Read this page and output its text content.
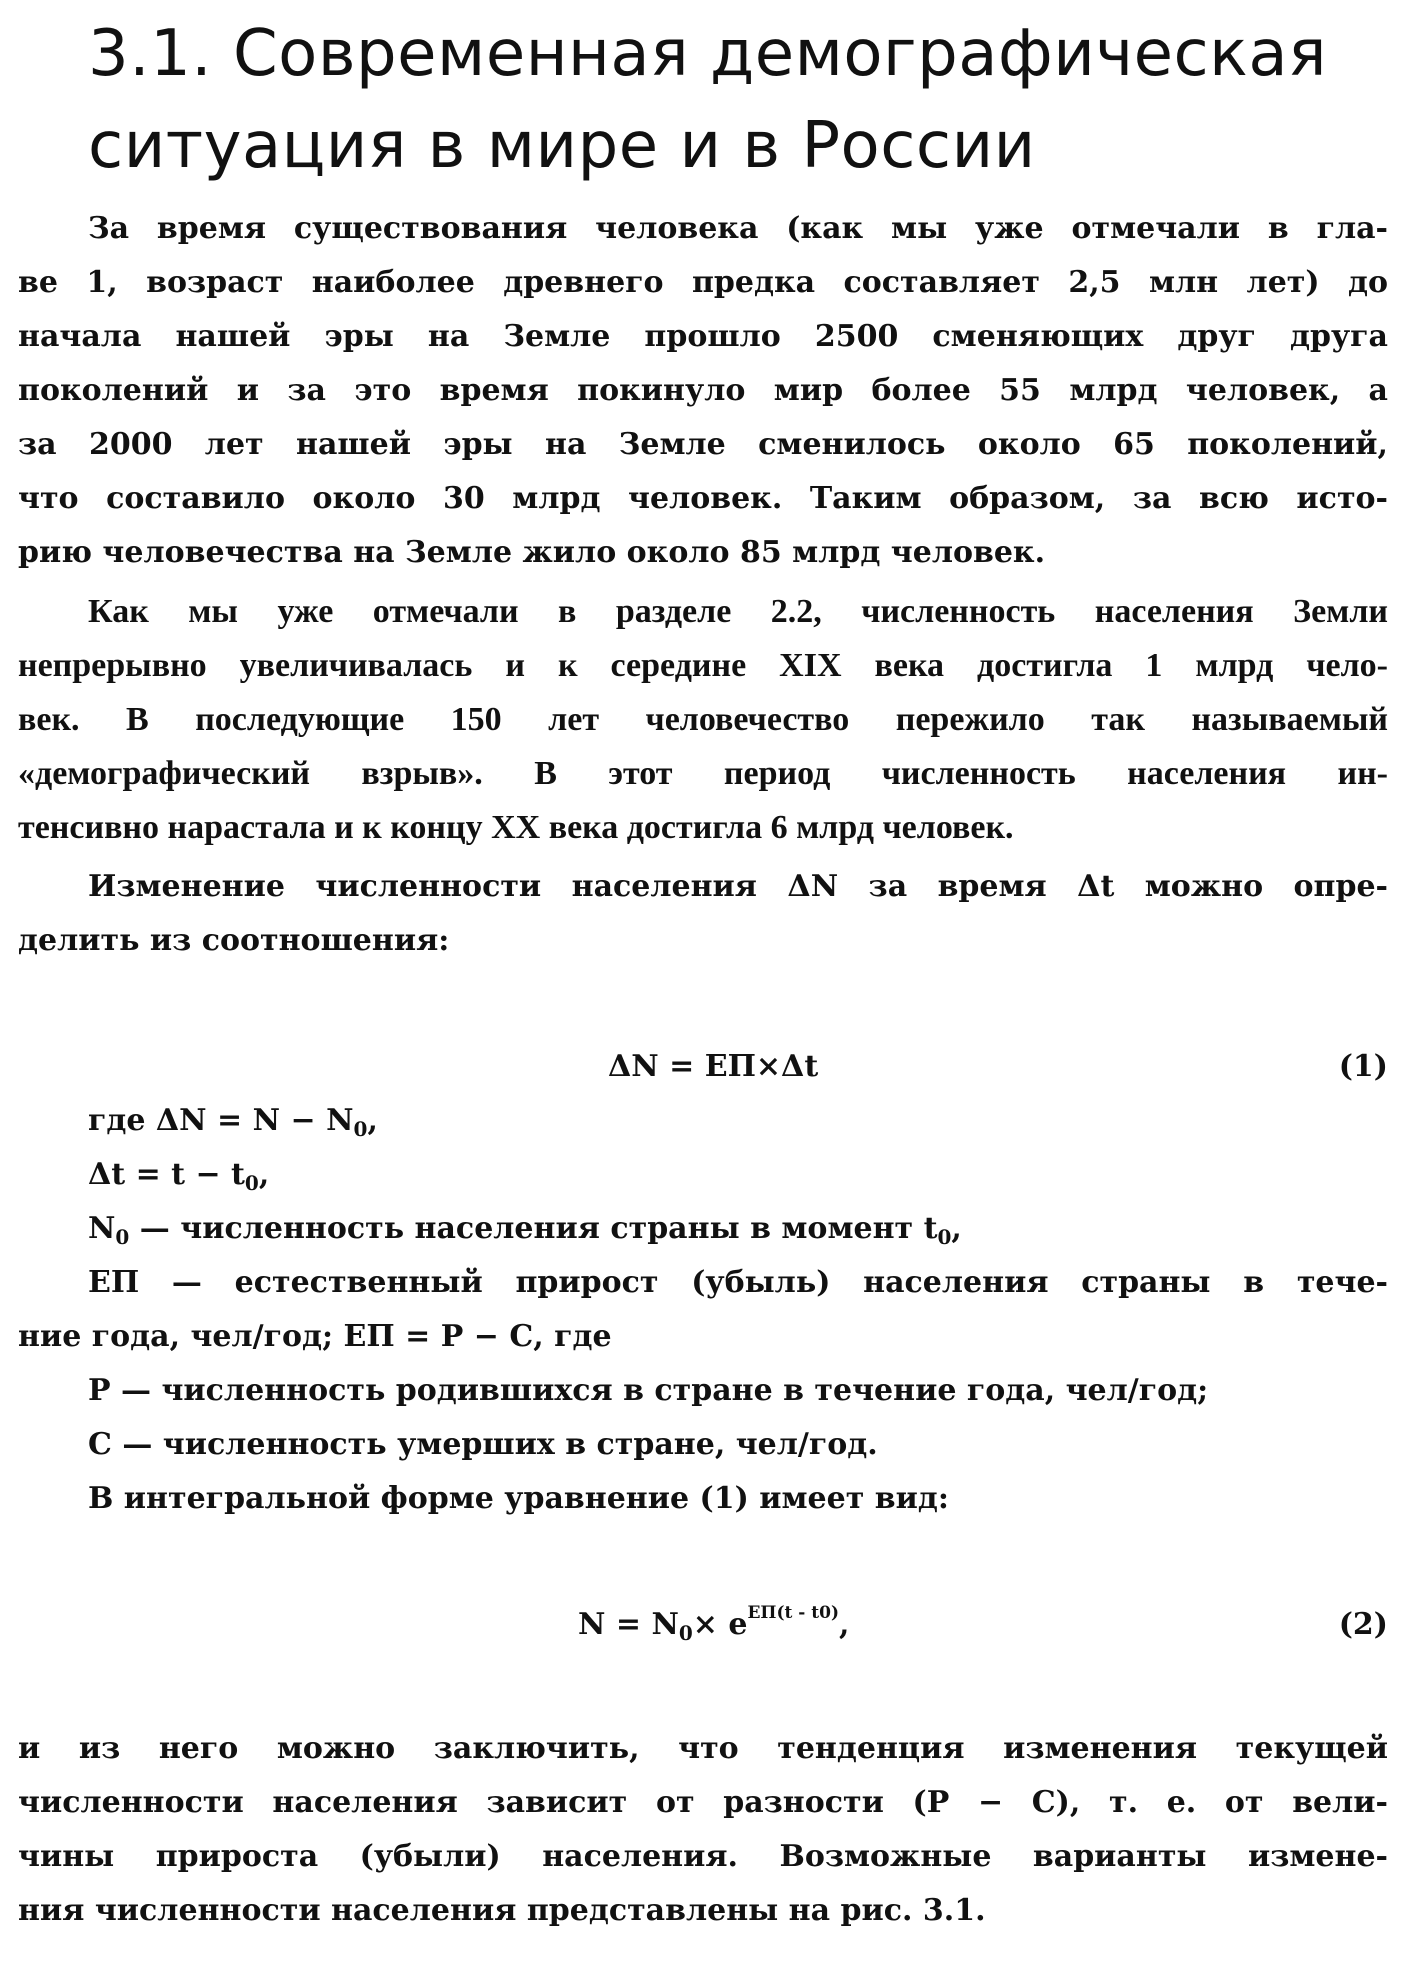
3.1. Современная демографическая
ситуация в мире и в России
За время существования человека (как мы уже отмечали в гла-
ве 1, возраст наиболее древнего предка составляет 2,5 млн лет) до
начала нашей эры на Земле прошло 2500 сменяющих друг друга
поколений и за это время покинуло мир более 55 млрд человек, а
за 2000 лет нашей эры на Земле сменилось около 65 поколений,
что составило около 30 млрд человек. Таким образом, за всю исто-
рию человечества на Земле жило около 85 млрд человек.
Как мы уже отмечали в разделе 2.2, численность населения Земли
непрерывно увеличивалась и к середине XIX века достигла 1 млрд чело-
век. В последующие 150 лет человечество пережило так называемый
«демографический взрыв». В этот период численность населения ин-
тенсивно нарастала и к концу XX века достигла 6 млрд человек.
Изменение численности населения ΔN за время Δt можно опре-
делить из соотношения:
ΔN = ЕП×Δt	(1)
где $\Delta N = N - N_0$,
$\Delta t = t - t_0$,
$N_0$ — численность населения страны в момент $t_0$,
ЕП — естественный прирост (убыль) населения страны в тече-
ние года, чел/год; ЕП = Р − С, где
Р — численность родившихся в стране в течение года, чел/год;
С — численность умерших в стране, чел/год.
В интегральной форме уравнение (1) имеет вид:
$N = N_0\times e^{ЕП(t - t0)}$,	(2)
и из него можно заключить, что тенденция изменения текущей
численности населения зависит от разности (Р − С), т. е. от вели-
чины прироста (убыли) населения. Возможные варианты измене-
ния численности населения представлены на рис. 3.1.
